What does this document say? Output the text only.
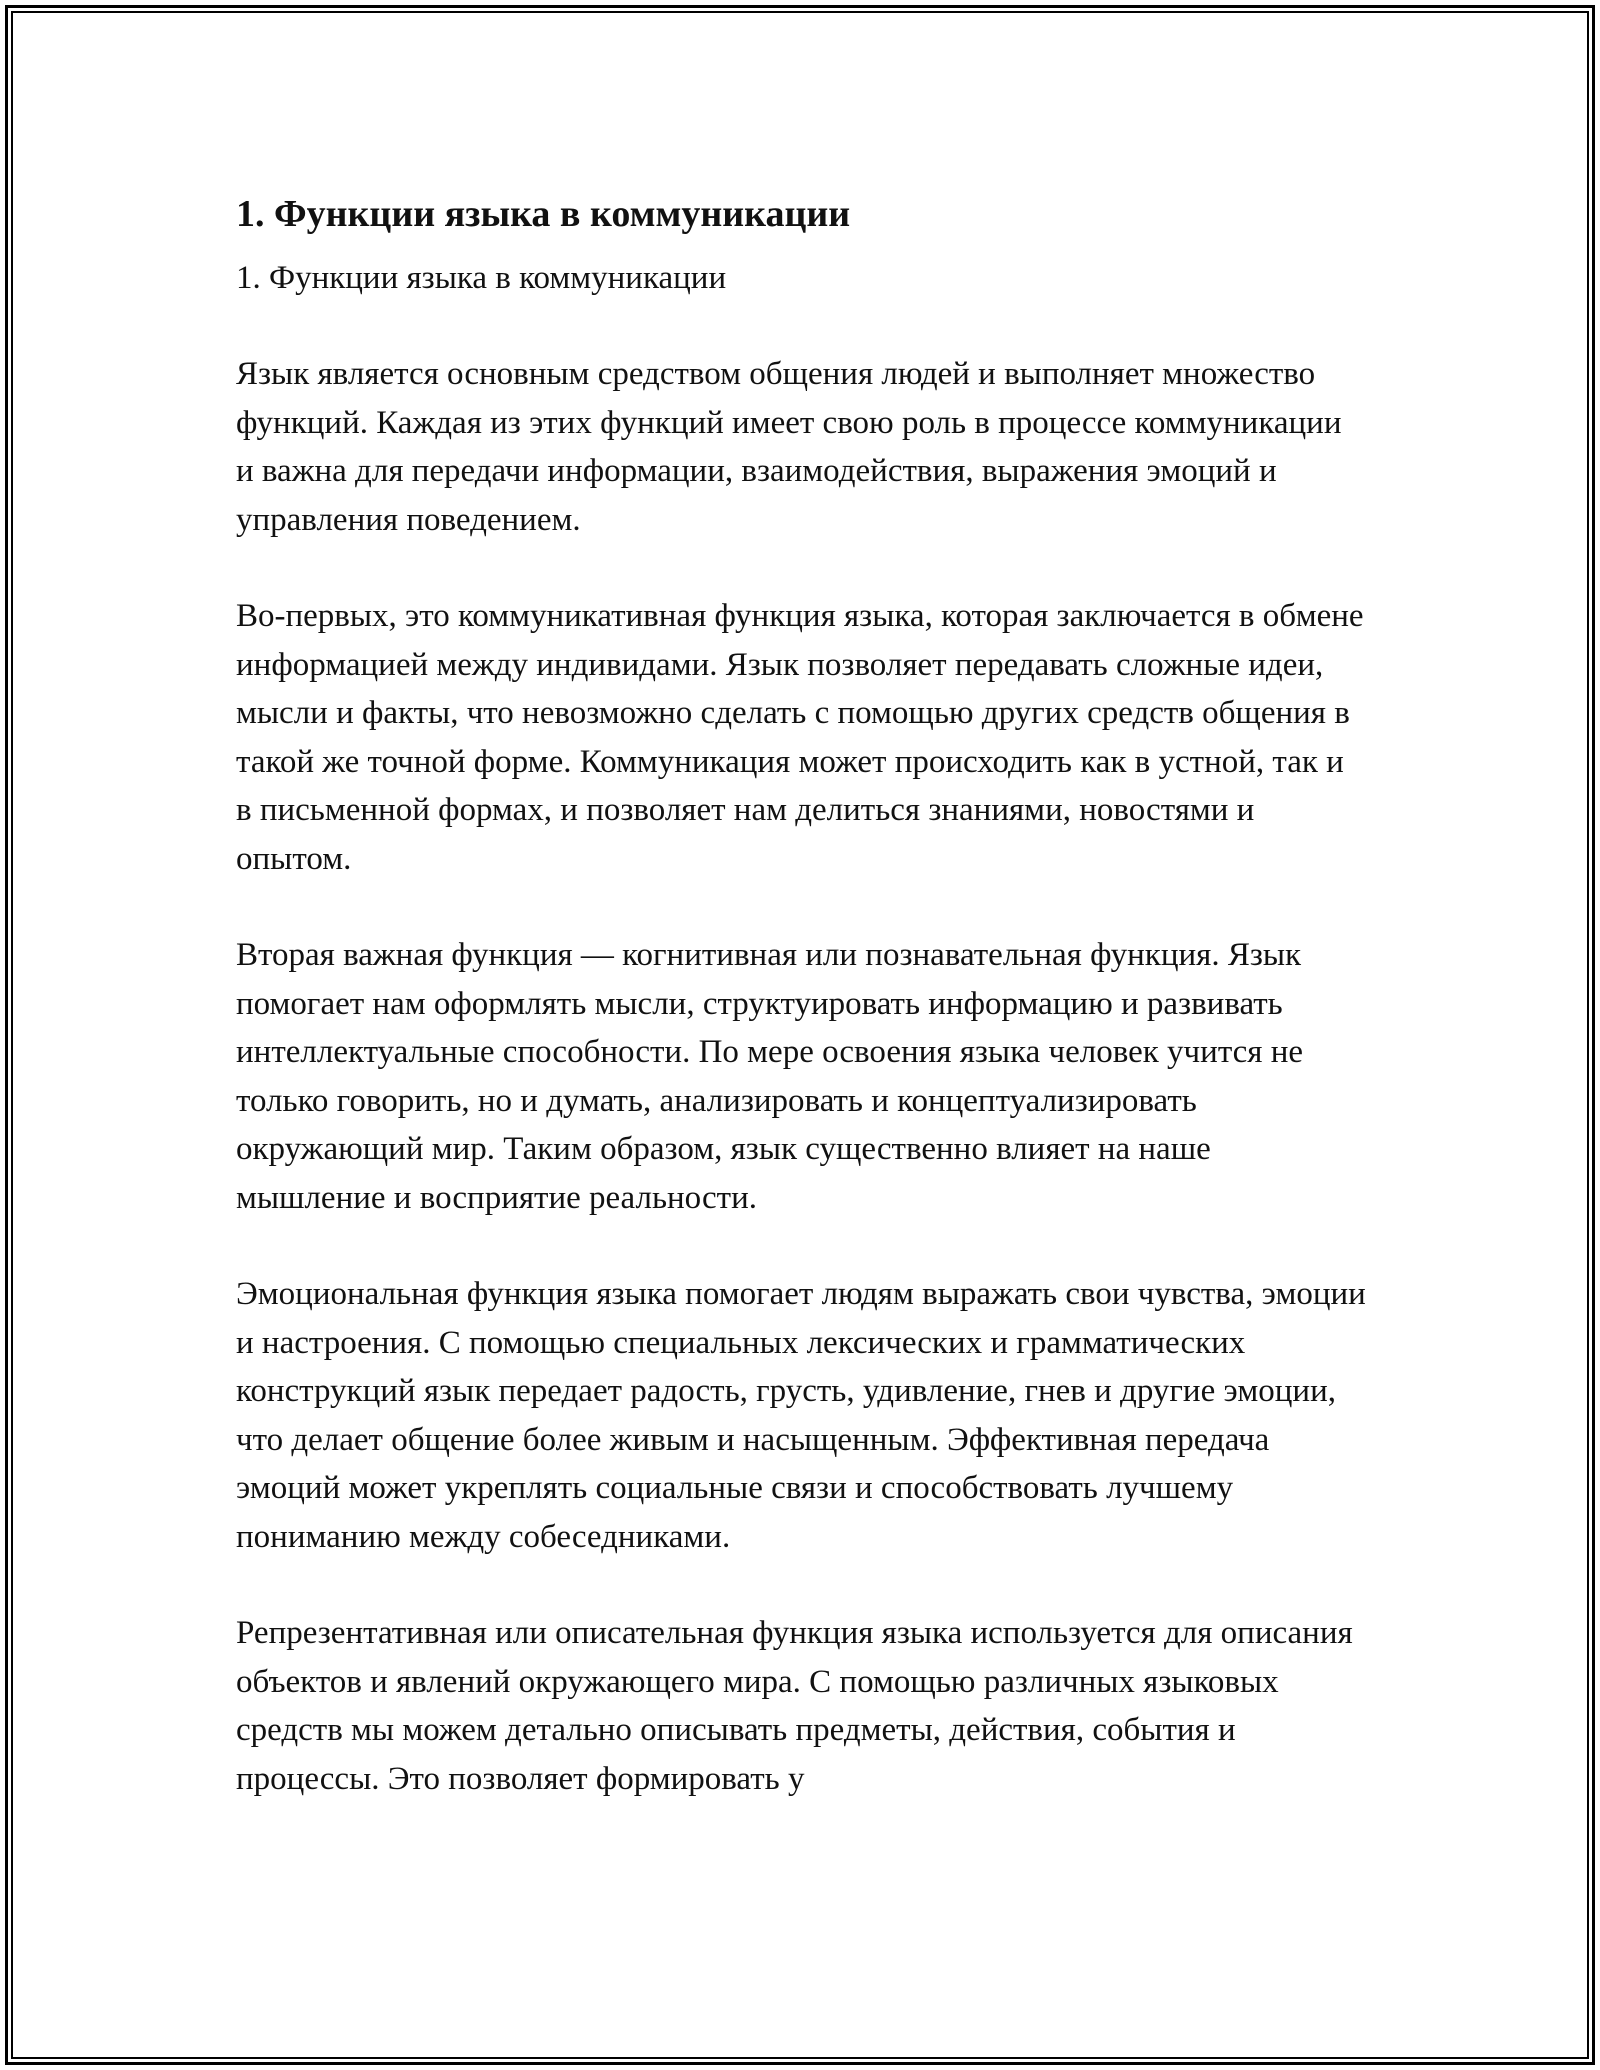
1. Функции языка в коммуникации

1. Функции языка в коммуникации

Язык является основным средством общения людей и выполняет множество функций. Каждая из этих функций имеет свою роль в процессе коммуникации и важна для передачи информации, взаимодействия, выражения эмоций и управления поведением.

Во-первых, это коммуникативная функция языка, которая заключается в обмене информацией между индивидами. Язык позволяет передавать сложные идеи, мысли и факты, что невозможно сделать с помощью других средств общения в такой же точной форме. Коммуникация может происходить как в устной, так и в письменной формах, и позволяет нам делиться знаниями, новостями и опытом.

Вторая важная функция — когнитивная или познавательная функция. Язык помогает нам оформлять мысли, структуировать информацию и развивать интеллектуальные способности. По мере освоения языка человек учится не только говорить, но и думать, анализировать и концептуализировать окружающий мир. Таким образом, язык существенно влияет на наше мышление и восприятие реальности.

Эмоциональная функция языка помогает людям выражать свои чувства, эмоции и настроения. С помощью специальных лексических и грамматических конструкций язык передает радость, грусть, удивление, гнев и другие эмоции, что делает общение более живым и насыщенным. Эффективная передача эмоций может укреплять социальные связи и способствовать лучшему пониманию между собеседниками.

Репрезентативная или описательная функция языка используется для описания объектов и явлений окружающего мира. С помощью различных языковых средств мы можем детально описывать предметы, действия, события и процессы. Это позволяет формировать у
